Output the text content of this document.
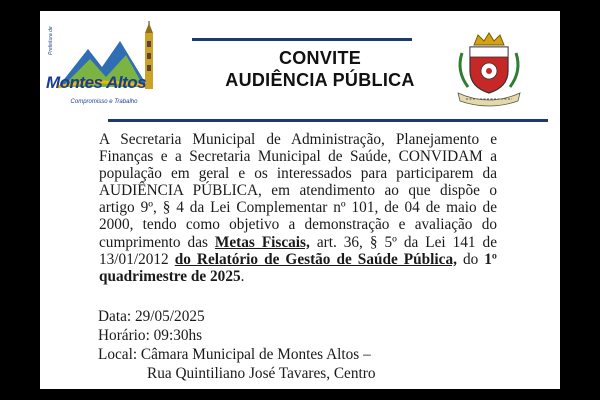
Prefeitura de
Montes Altos
Compromisso e Trabalho
CONVITE
AUDIÊNCIA PÚBLICA
A Secretaria Municipal de Administração, Planejamento e Finanças e a Secretaria Municipal de Saúde, CONVIDAM a população em geral e os interessados para participarem da AUDIÊNCIA PÚBLICA, em atendimento ao que dispõe o artigo 9º, § 4 da Lei Complementar nº 101, de 04 de maio de 2000, tendo como objetivo a demonstração e avaliação do cumprimento das Metas Fiscais, art. 36, § 5º da Lei 141 de 13/01/2012 do Relatório de Gestão de Saúde Pública, do 1º quadrimestre de 2025.
Data: 29/05/2025
Horário: 09:30hs
Local: Câmara Municipal de Montes Altos –
Rua Quintiliano José Tavares, Centro
